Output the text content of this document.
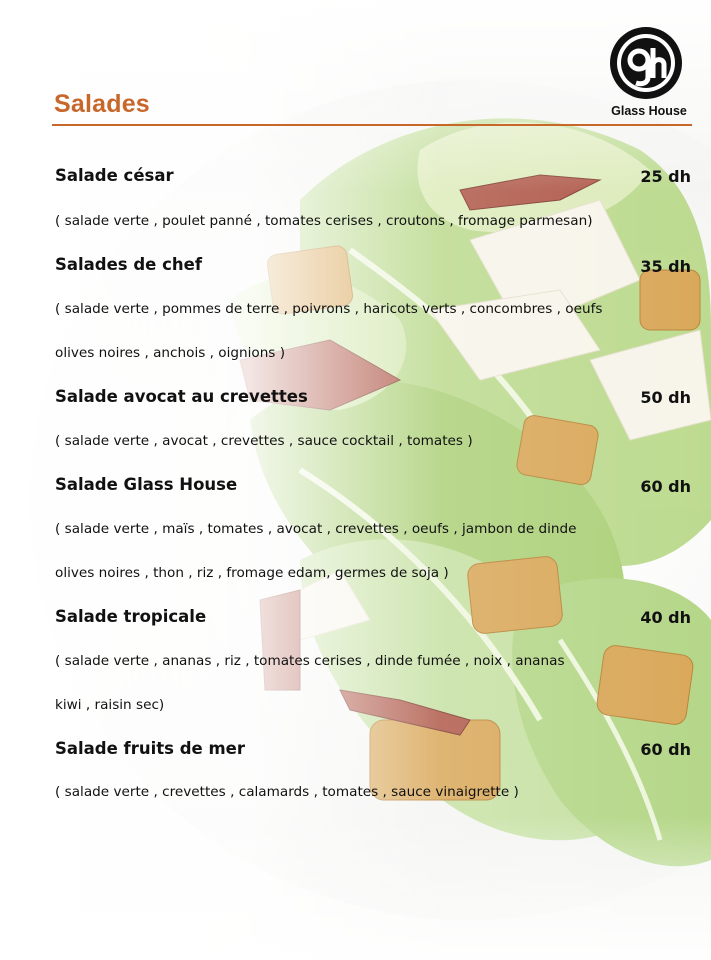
Salades	Glass House
Salade césar	25 dh
( salade verte , poulet panné , tomates cerises , croutons , fromage parmesan)
Salades de chef	35 dh
( salade verte , pommes de terre , poivrons , haricots verts , concombres , oeufs
olives noires , anchois , oignions )
Salade avocat au crevettes	50 dh
( salade verte , avocat , crevettes , sauce cocktail , tomates )
Salade Glass House	60 dh
( salade verte , maïs , tomates , avocat , crevettes , oeufs , jambon de dinde
olives noires , thon , riz , fromage edam, germes de soja )
Salade tropicale	40 dh
( salade verte , ananas , riz , tomates cerises , dinde fumée , noix , ananas
kiwi , raisin sec)
Salade fruits de mer	60 dh
( salade verte , crevettes , calamards , tomates , sauce vinaigrette )
